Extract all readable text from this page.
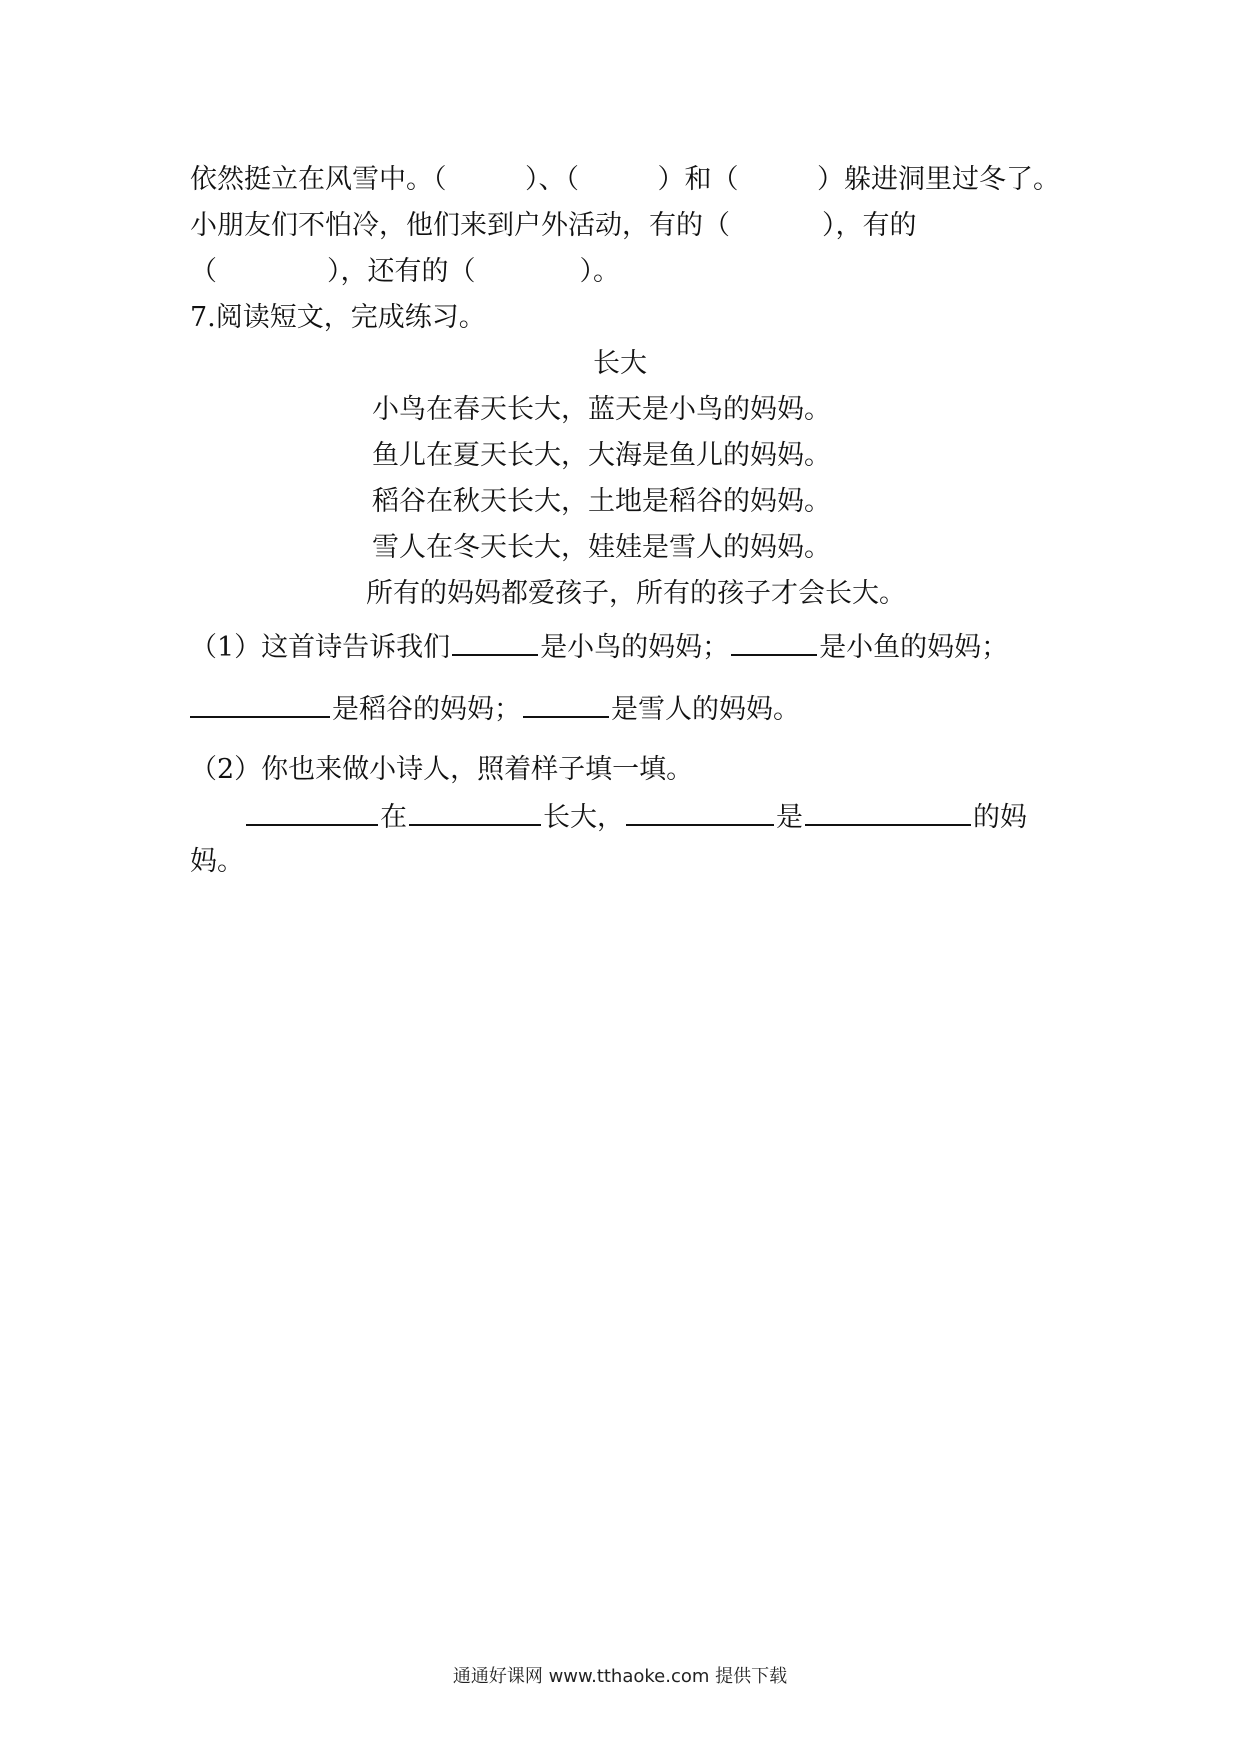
依然挺立在风雪中。（	）、（	）和（	）躲进洞里过冬了。
小朋友们不怕冷，他们来到户外活动，有的（	），有的
（	），还有的（	）。
7.阅读短文，完成练习。
长大
小鸟在春天长大，蓝天是小鸟的妈妈。
鱼儿在夏天长大，大海是鱼儿的妈妈。
稻谷在秋天长大，土地是稻谷的妈妈。
雪人在冬天长大，娃娃是雪人的妈妈。
所有的妈妈都爱孩子，所有的孩子才会长大。
（1）这首诗告诉我们	是小鸟的妈妈；	是小鱼的妈妈；
是稻谷的妈妈；	是雪人的妈妈。
（2）你也来做小诗人，照着样子填一填。
在	长大，	是	的妈
妈。
通通好课网 www.tthaoke.com 提供下载
